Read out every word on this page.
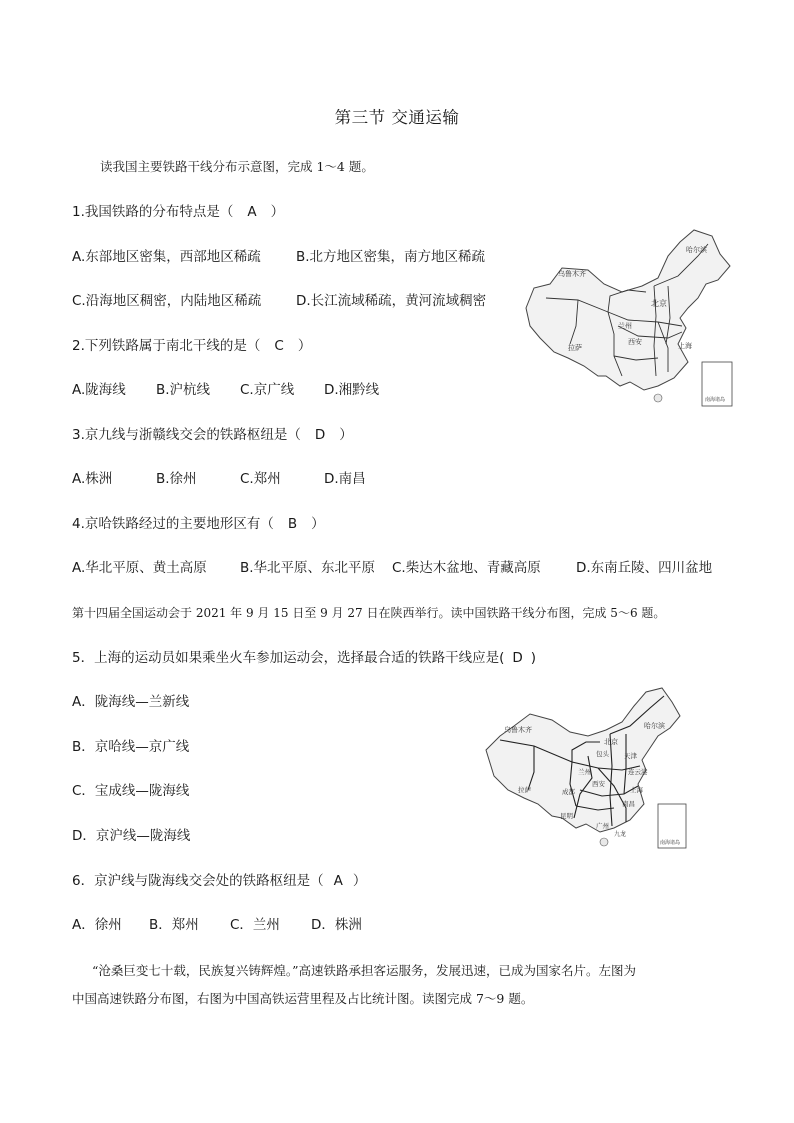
第三节 交通运输
读我国主要铁路干线分布示意图，完成 1～4 题。
1.我国铁路的分布特点是（ A ）
A.东部地区密集，西部地区稀疏	B.北方地区密集，南方地区稀疏
C.沿海地区稠密，内陆地区稀疏	D.长江流域稀疏，黄河流域稠密
2.下列铁路属于南北干线的是（ C ）
A.陇海线 B.沪杭线 C.京广线 D.湘黔线
3.京九线与浙赣线交会的铁路枢纽是（ D ）
A.株洲	B.徐州	C.郑州	D.南昌
4.京哈铁路经过的主要地形区有（ B ）
A.华北平原、黄土高原 B.华北平原、东北平原 C.柴达木盆地、青藏高原	D.东南丘陵、四川盆地
第十四届全国运动会于 2021 年 9 月 15 日至 9 月 27 日在陕西举行。读中国铁路干线分布图，完成 5～6 题。
5．上海的运动员如果乘坐火车参加运动会，选择最合适的铁路干线应是( D )
A．陇海线—兰新线
B．京哈线—京广线
C．宝成线—陇海线
D．京沪线—陇海线
6．京沪线与陇海线交会处的铁路枢纽是（ A ）
A．徐州 B．郑州 C．兰州 D．株洲
“沧桑巨变七十载，民族复兴铸辉煌。”高速铁路承担客运服务，发展迅速，已成为国家名片。左图为
中国高速铁路分布图，右图为中国高铁运营里程及占比统计图。读图完成 7～9 题。
哈尔滨
乌鲁木齐
北京
兰州
西安	上海
拉萨
南海诸岛
哈尔滨
乌鲁木齐
北京
包头 天津
兰州	连云港
西安
成都
拉萨	上海
南昌
昆明
广州
九龙
南海诸岛
